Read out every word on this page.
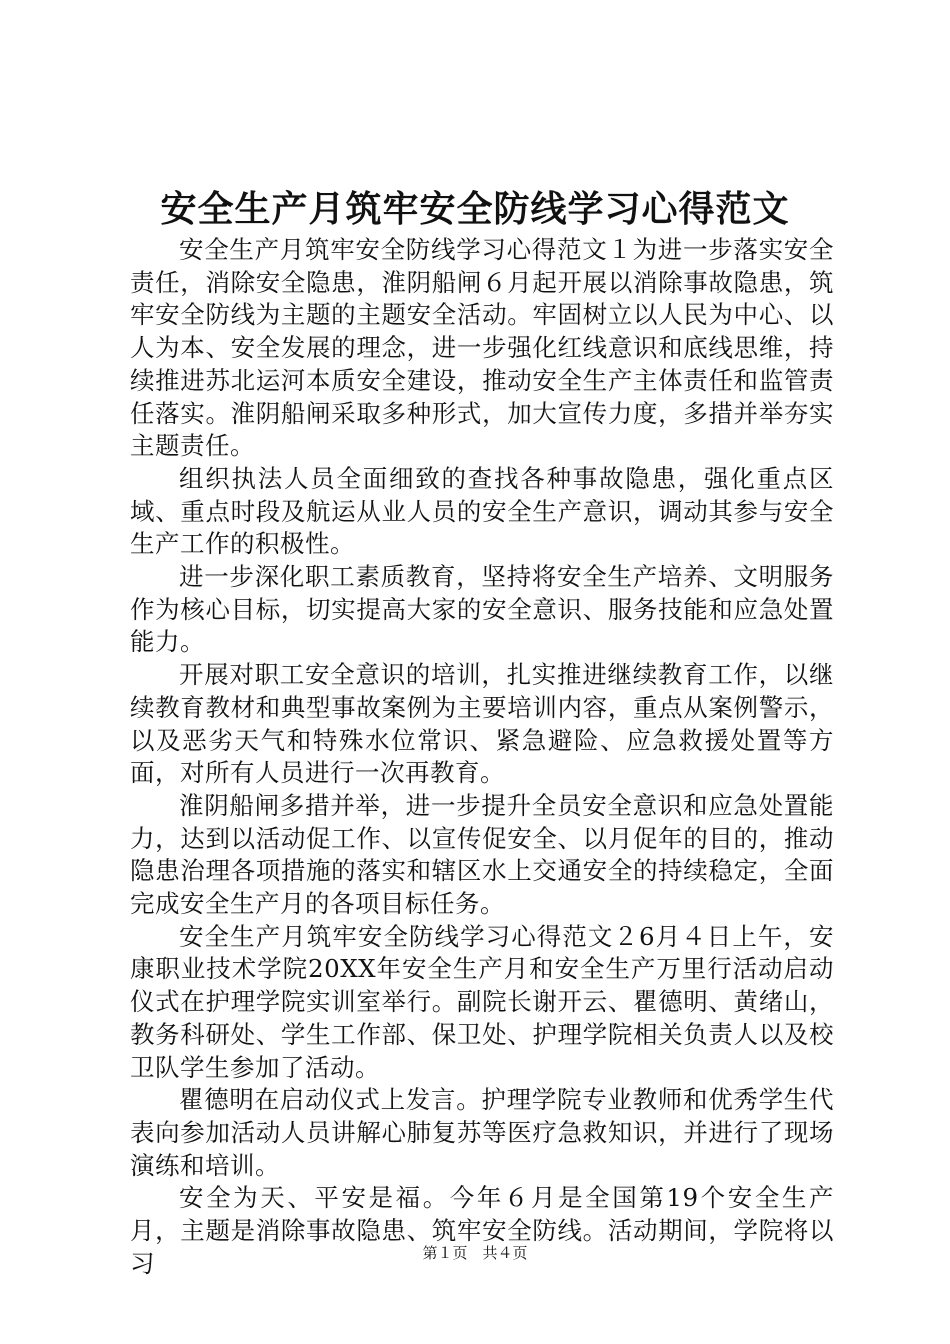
安全生产月筑牢安全防线学习心得范文

安全生产月筑牢安全防线学习心得范文１为进一步落实安全责任，消除安全隐患，淮阴船闸６月起开展以消除事故隐患，筑牢安全防线为主题的主题安全活动。牢固树立以人民为中心、以人为本、安全发展的理念，进一步强化红线意识和底线思维，持续推进苏北运河本质安全建设，推动安全生产主体责任和监管责任落实。淮阴船闸采取多种形式，加大宣传力度，多措并举夯实主题责任。

组织执法人员全面细致的查找各种事故隐患，强化重点区域、重点时段及航运从业人员的安全生产意识，调动其参与安全生产工作的积极性。

进一步深化职工素质教育，坚持将安全生产培养、文明服务作为核心目标，切实提高大家的安全意识、服务技能和应急处置能力。

开展对职工安全意识的培训，扎实推进继续教育工作，以继续教育教材和典型事故案例为主要培训内容，重点从案例警示，以及恶劣天气和特殊水位常识、紧急避险、应急救援处置等方面，对所有人员进行一次再教育。

淮阴船闸多措并举，进一步提升全员安全意识和应急处置能力，达到以活动促工作、以宣传促安全、以月促年的目的，推动隐患治理各项措施的落实和辖区水上交通安全的持续稳定，全面完成安全生产月的各项目标任务。

安全生产月筑牢安全防线学习心得范文２6月４日上午，安康职业技术学院20XX年安全生产月和安全生产万里行活动启动仪式在护理学院实训室举行。副院长谢开云、瞿德明、黄绪山，教务科研处、学生工作部、保卫处、护理学院相关负责人以及校卫队学生参加了活动。

瞿德明在启动仪式上发言。护理学院专业教师和优秀学生代表向参加活动人员讲解心肺复苏等医疗急救知识，并进行了现场演练和培训。

安全为天、平安是福。今年６月是全国第19个安全生产月，主题是消除事故隐患、筑牢安全防线。活动期间，学院将以习	第１页　共４页
